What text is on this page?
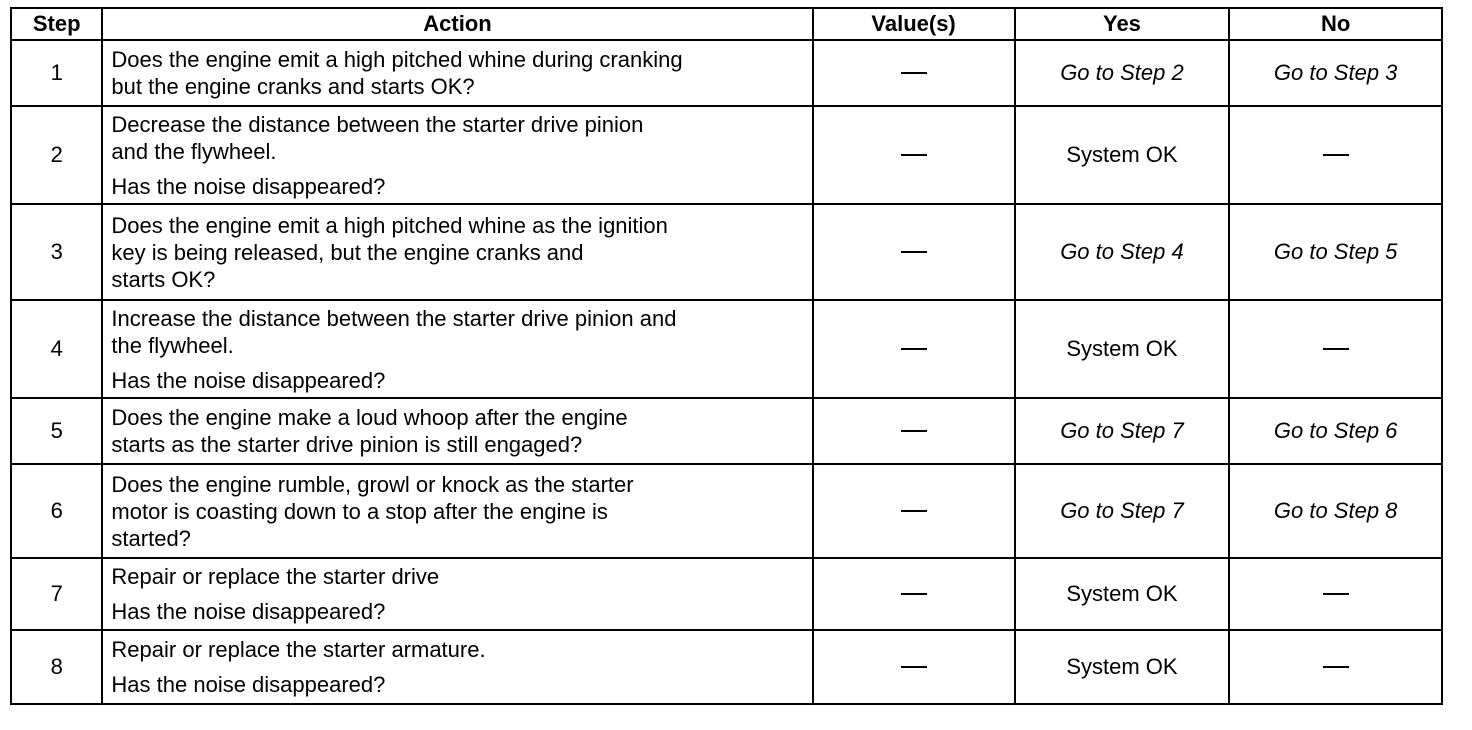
Step	Action	Value(s)	Yes	No
1	Does the engine emit a high pitched whine during cranking
but the engine cranks and starts OK?		Go to Step 2	Go to Step 3
2	Decrease the distance between the starter drive pinion
and the flywheel.
Has the noise disappeared?		System OK	
3	Does the engine emit a high pitched whine as the ignition
key is being released, but the engine cranks and
starts OK?		Go to Step 4	Go to Step 5
4	Increase the distance between the starter drive pinion and
the flywheel.
Has the noise disappeared?		System OK	
5	Does the engine make a loud whoop after the engine
starts as the starter drive pinion is still engaged?		Go to Step 7	Go to Step 6
6	Does the engine rumble, growl or knock as the starter
motor is coasting down to a stop after the engine is
started?		Go to Step 7	Go to Step 8
7	Repair or replace the starter drive
Has the noise disappeared?		System OK	
8	Repair or replace the starter armature.
Has the noise disappeared?		System OK	
